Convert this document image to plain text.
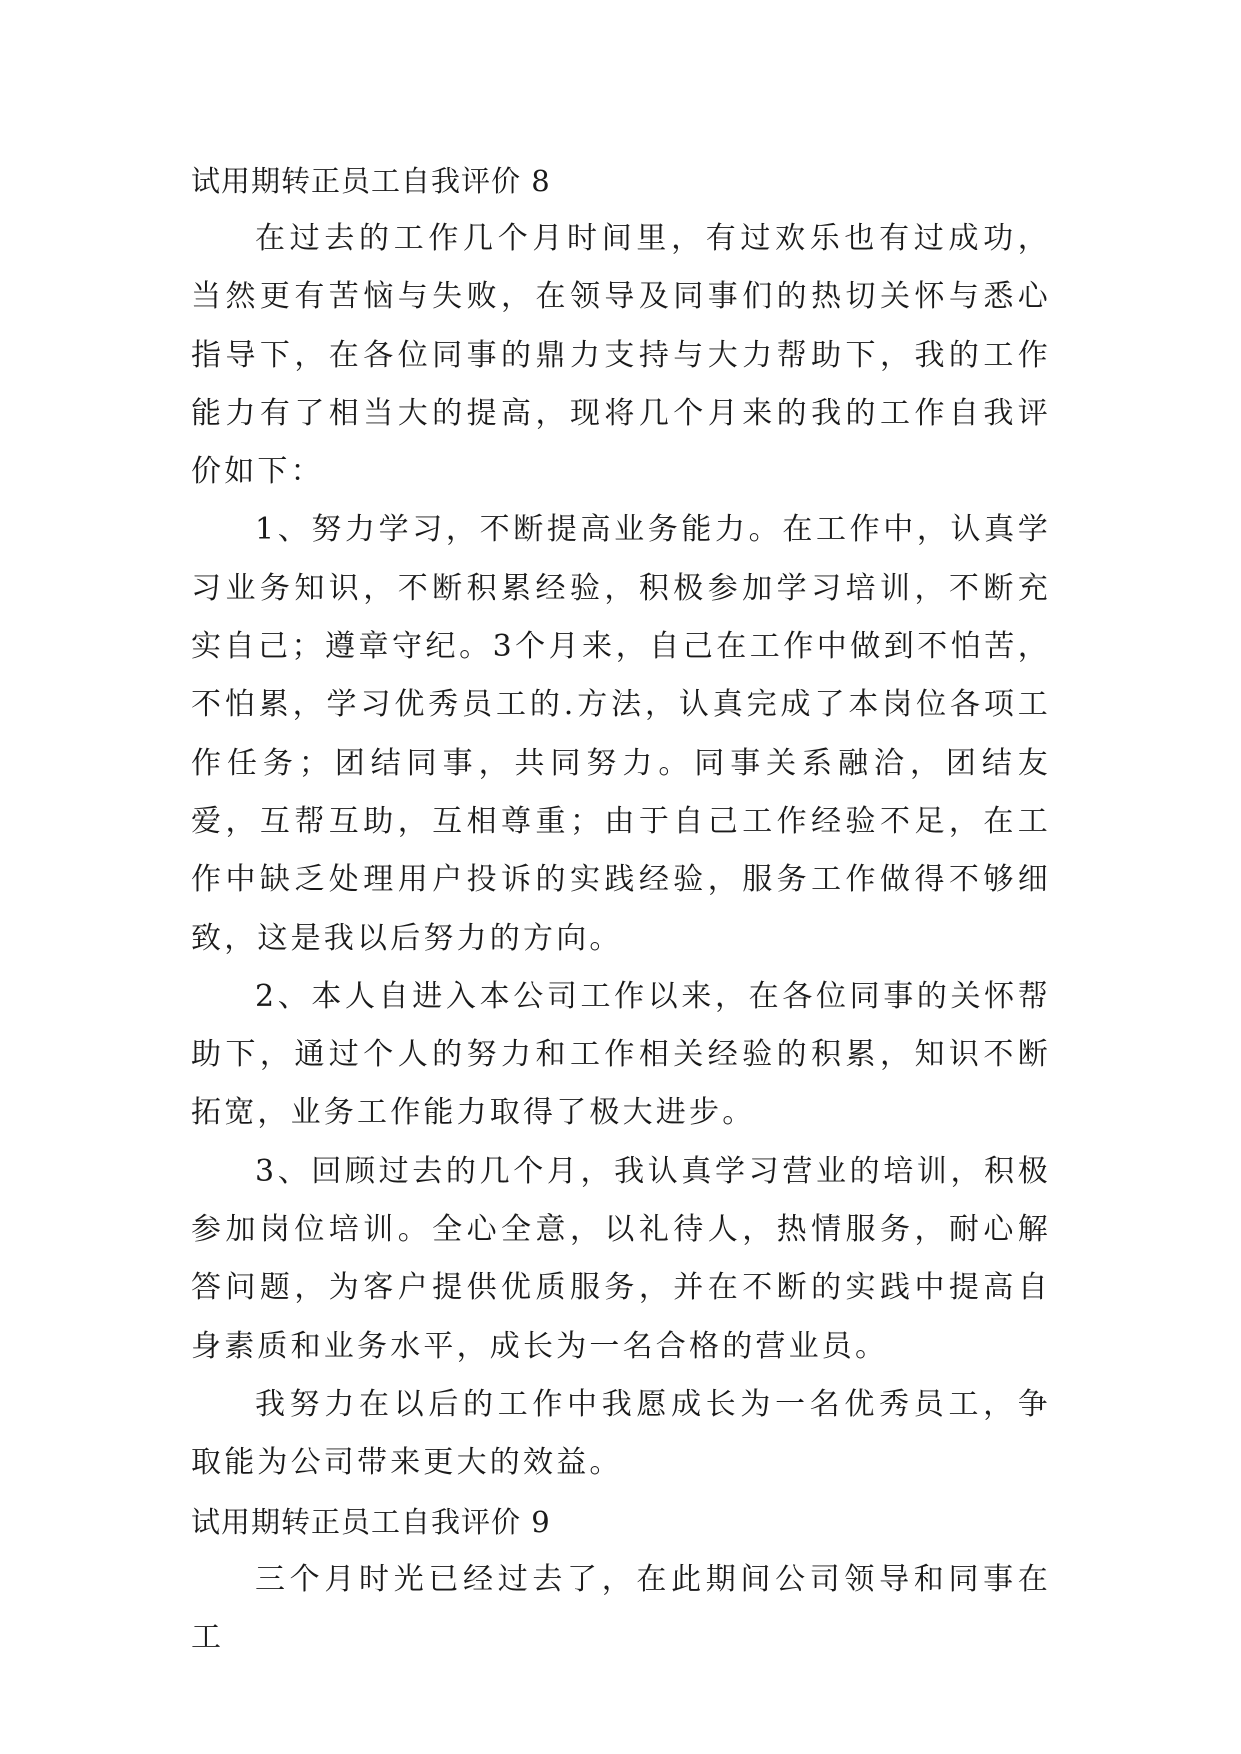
试用期转正员工自我评价 8

在过去的工作几个月时间里，有过欢乐也有过成功，当然更有苦恼与失败，在领导及同事们的热切关怀与悉心指导下，在各位同事的鼎力支持与大力帮助下，我的工作能力有了相当大的提高，现将几个月来的我的工作自我评价如下：

1、努力学习，不断提高业务能力。在工作中，认真学习业务知识，不断积累经验，积极参加学习培训，不断充实自己；遵章守纪。3个月来，自己在工作中做到不怕苦，不怕累，学习优秀员工的.方法，认真完成了本岗位各项工作任务；团结同事，共同努力。同事关系融洽，团结友爱，互帮互助，互相尊重；由于自己工作经验不足，在工作中缺乏处理用户投诉的实践经验，服务工作做得不够细致，这是我以后努力的方向。

2、本人自进入本公司工作以来，在各位同事的关怀帮助下，通过个人的努力和工作相关经验的积累，知识不断拓宽，业务工作能力取得了极大进步。

3、回顾过去的几个月，我认真学习营业的培训，积极参加岗位培训。全心全意，以礼待人，热情服务，耐心解答问题，为客户提供优质服务，并在不断的实践中提高自身素质和业务水平，成长为一名合格的营业员。

我努力在以后的工作中我愿成长为一名优秀员工，争取能为公司带来更大的效益。

试用期转正员工自我评价 9

三个月时光已经过去了，在此期间公司领导和同事在工
